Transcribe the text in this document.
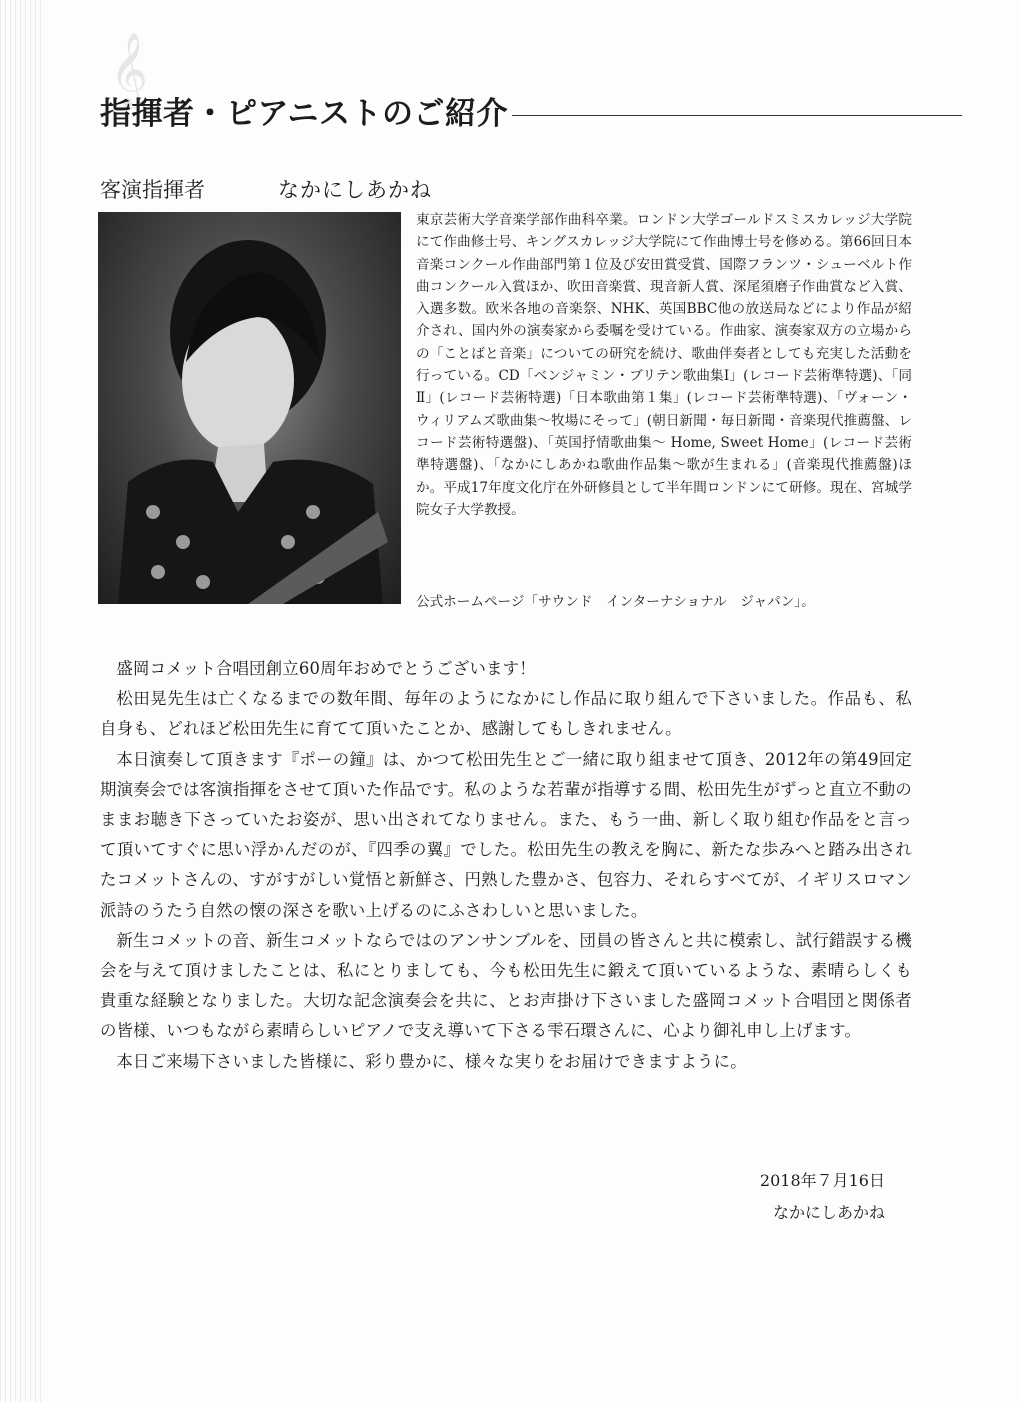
𝄞
指揮者・ピアニストのご紹介
客演指揮者	なかにしあかね
東京芸術大学音楽学部作曲科卒業。ロンドン大学ゴールドスミスカレッジ大学院にて作曲修士号、キングスカレッジ大学院にて作曲博士号を修める。第66回日本音楽コンクール作曲部門第１位及び安田賞受賞、国際フランツ・シューベルト作曲コンクール入賞ほか、吹田音楽賞、現音新人賞、深尾須磨子作曲賞など入賞、入選多数。欧米各地の音楽祭、NHK、英国BBC他の放送局などにより作品が紹介され、国内外の演奏家から委嘱を受けている。作曲家、演奏家双方の立場からの「ことばと音楽」についての研究を続け、歌曲伴奏者としても充実した活動を行っている。CD「ベンジャミン・ブリテン歌曲集Ⅰ」(レコード芸術準特選)、「同Ⅱ」(レコード芸術特選)「日本歌曲第１集」(レコード芸術準特選)、「ヴォーン・ウィリアムズ歌曲集～牧場にそって」(朝日新聞・毎日新聞・音楽現代推薦盤、レコード芸術特選盤)、「英国抒情歌曲集～ Home, Sweet Home」(レコード芸術準特選盤)、「なかにしあかね歌曲作品集～歌が生まれる」(音楽現代推薦盤)ほか。平成17年度文化庁在外研修員として半年間ロンドンにて研修。現在、宮城学院女子大学教授。
公式ホームページ「サウンド　インターナショナル　ジャパン」。

盛岡コメット合唱団創立60周年おめでとうございます！

松田晃先生は亡くなるまでの数年間、毎年のようになかにし作品に取り組んで下さいました。作品も、私自身も、どれほど松田先生に育てて頂いたことか、感謝してもしきれません。

本日演奏して頂きます『ポーの鐘』は、かつて松田先生とご一緒に取り組ませて頂き、2012年の第49回定期演奏会では客演指揮をさせて頂いた作品です。私のような若輩が指導する間、松田先生がずっと直立不動のままお聴き下さっていたお姿が、思い出されてなりません。また、もう一曲、新しく取り組む作品をと言って頂いてすぐに思い浮かんだのが、『四季の翼』でした。松田先生の教えを胸に、新たな歩みへと踏み出されたコメットさんの、すがすがしい覚悟と新鮮さ、円熟した豊かさ、包容力、それらすべてが、イギリスロマン派詩のうたう自然の懐の深さを歌い上げるのにふさわしいと思いました。

新生コメットの音、新生コメットならではのアンサンブルを、団員の皆さんと共に模索し、試行錯誤する機会を与えて頂けましたことは、私にとりましても、今も松田先生に鍛えて頂いているような、素晴らしくも貴重な経験となりました。大切な記念演奏会を共に、とお声掛け下さいました盛岡コメット合唱団と関係者の皆様、いつもながら素晴らしいピアノで支え導いて下さる雫石環さんに、心より御礼申し上げます。

本日ご来場下さいました皆様に、彩り豊かに、様々な実りをお届けできますように。

2018年７月16日
なかにしあかね
